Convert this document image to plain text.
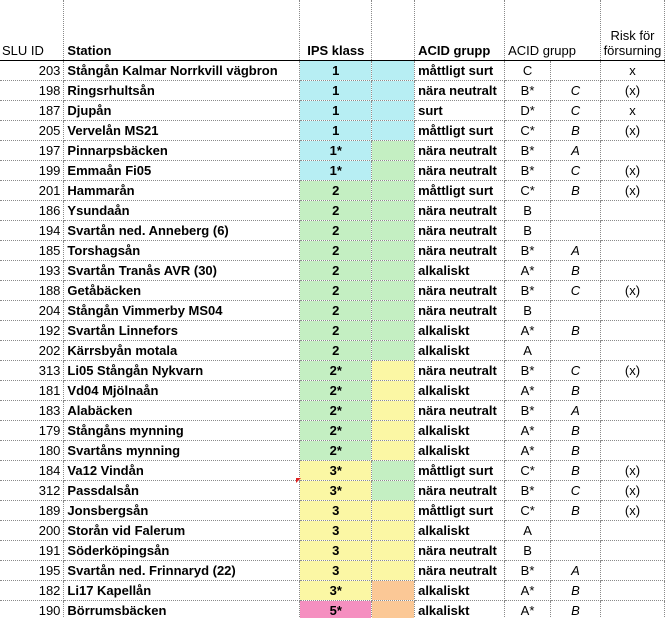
SLU ID	Station	IPS klass		ACID grupp	ACID grupp		Risk för försurning
203	Stångån Kalmar Norrkvill vägbron	1		måttligt surt	C		x
198	Ringsrhultsån	1		nära neutralt	B*	C	(x)
187	Djupån	1		surt	D*	C	x
205	Vervelån MS21	1		måttligt surt	C*	B	(x)
197	Pinnarpsbäcken	1*		nära neutralt	B*	A	
199	Emmaån Fi05	1*		nära neutralt	B*	C	(x)
201	Hammarån	2		måttligt surt	C*	B	(x)
186	Ysundaån	2		nära neutralt	B		
194	Svartån ned. Anneberg (6)	2		nära neutralt	B		
185	Torshagsån	2		nära neutralt	B*	A	
193	Svartån Tranås AVR (30)	2		alkaliskt	A*	B	
188	Getåbäcken	2		nära neutralt	B*	C	(x)
204	Stångån Vimmerby MS04	2		nära neutralt	B		
192	Svartån Linnefors	2		alkaliskt	A*	B	
202	Kärrsbyån motala	2		alkaliskt	A		
313	Li05 Stångån Nykvarn	2*		nära neutralt	B*	C	(x)
181	Vd04 Mjölnaån	2*		alkaliskt	A*	B	
183	Alabäcken	2*		nära neutralt	B*	A	
179	Stångåns mynning	2*		alkaliskt	A*	B	
180	Svartåns mynning	2*		alkaliskt	A*	B	
184	Va12 Vindån	3*		måttligt surt	C*	B	(x)
312	Passdalsån	3*		nära neutralt	B*	C	(x)
189	Jonsbergsån	3		måttligt surt	C*	B	(x)
200	Storån vid Falerum	3		alkaliskt	A		
191	Söderköpingsån	3		nära neutralt	B		
195	Svartån ned. Frinnaryd (22)	3		nära neutralt	B*	A	
182	Li17 Kapellån	3*		alkaliskt	A*	B	
190	Börrumsbäcken	5*		alkaliskt	A*	B	
